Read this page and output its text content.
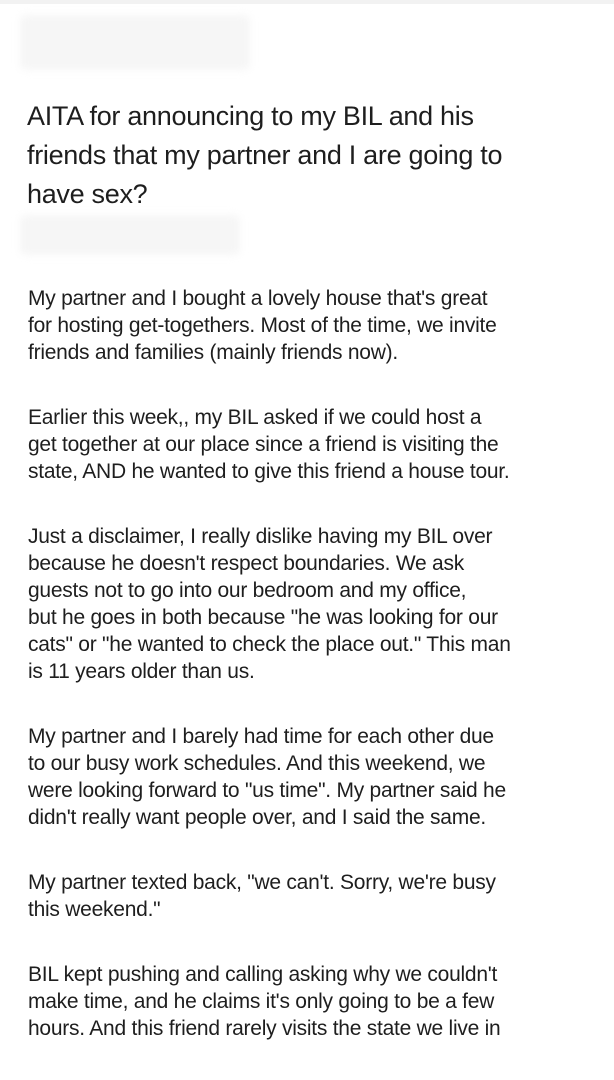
AITA for announcing to my BIL and his
friends that my partner and I are going to
have sex?

My partner and I bought a lovely house that's great
for hosting get-togethers. Most of the time, we invite
friends and families (mainly friends now).

Earlier this week,, my BIL asked if we could host a
get together at our place since a friend is visiting the
state, AND he wanted to give this friend a house tour.

Just a disclaimer, I really dislike having my BIL over
because he doesn't respect boundaries. We ask
guests not to go into our bedroom and my office,
but he goes in both because "he was looking for our
cats" or "he wanted to check the place out." This man
is 11 years older than us.

My partner and I barely had time for each other due
to our busy work schedules. And this weekend, we
were looking forward to "us time". My partner said he
didn't really want people over, and I said the same.

My partner texted back, "we can't. Sorry, we're busy
this weekend."

BIL kept pushing and calling asking why we couldn't
make time, and he claims it's only going to be a few
hours. And this friend rarely visits the state we live in
